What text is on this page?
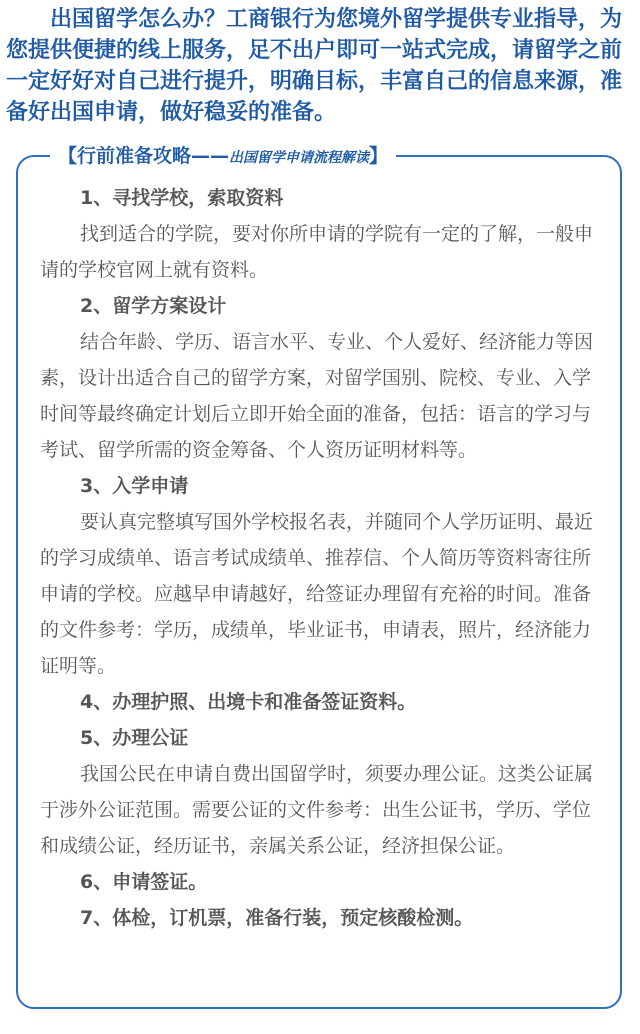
出国留学怎么办？工商银行为您境外留学提供专业指导，为您提供便捷的线上服务，足不出户即可一站式完成，请留学之前一定好好对自己进行提升，明确目标，丰富自己的信息来源，准备好出国申请，做好稳妥的准备。
【行前准备攻略—— 出国留学申请流程解读 】
1、寻找学校，索取资料
找到适合的学院，要对你所申请的学院有一定的了解，一般申请的学校官网上就有资料。
2、留学方案设计
结合年龄、学历、语言水平、专业、个人爱好、经济能力等因素，设计出适合自己的留学方案，对留学国别、院校、专业、入学时间等最终确定计划后立即开始全面的准备，包括：语言的学习与考试、留学所需的资金筹备、个人资历证明材料等。
3、入学申请
要认真完整填写国外学校报名表，并随同个人学历证明、最近的学习成绩单、语言考试成绩单、推荐信、个人简历等资料寄往所申请的学校。应越早申请越好，给签证办理留有充裕的时间。准备的文件参考：学历，成绩单，毕业证书，申请表，照片，经济能力证明等。
4、办理护照、出境卡和准备签证资料。
5、办理公证
我国公民在申请自费出国留学时，须要办理公证。这类公证属于涉外公证范围。需要公证的文件参考：出生公证书，学历、学位和成绩公证，经历证书，亲属关系公证，经济担保公证。
6、申请签证。
7、体检，订机票，准备行装，预定核酸检测。
